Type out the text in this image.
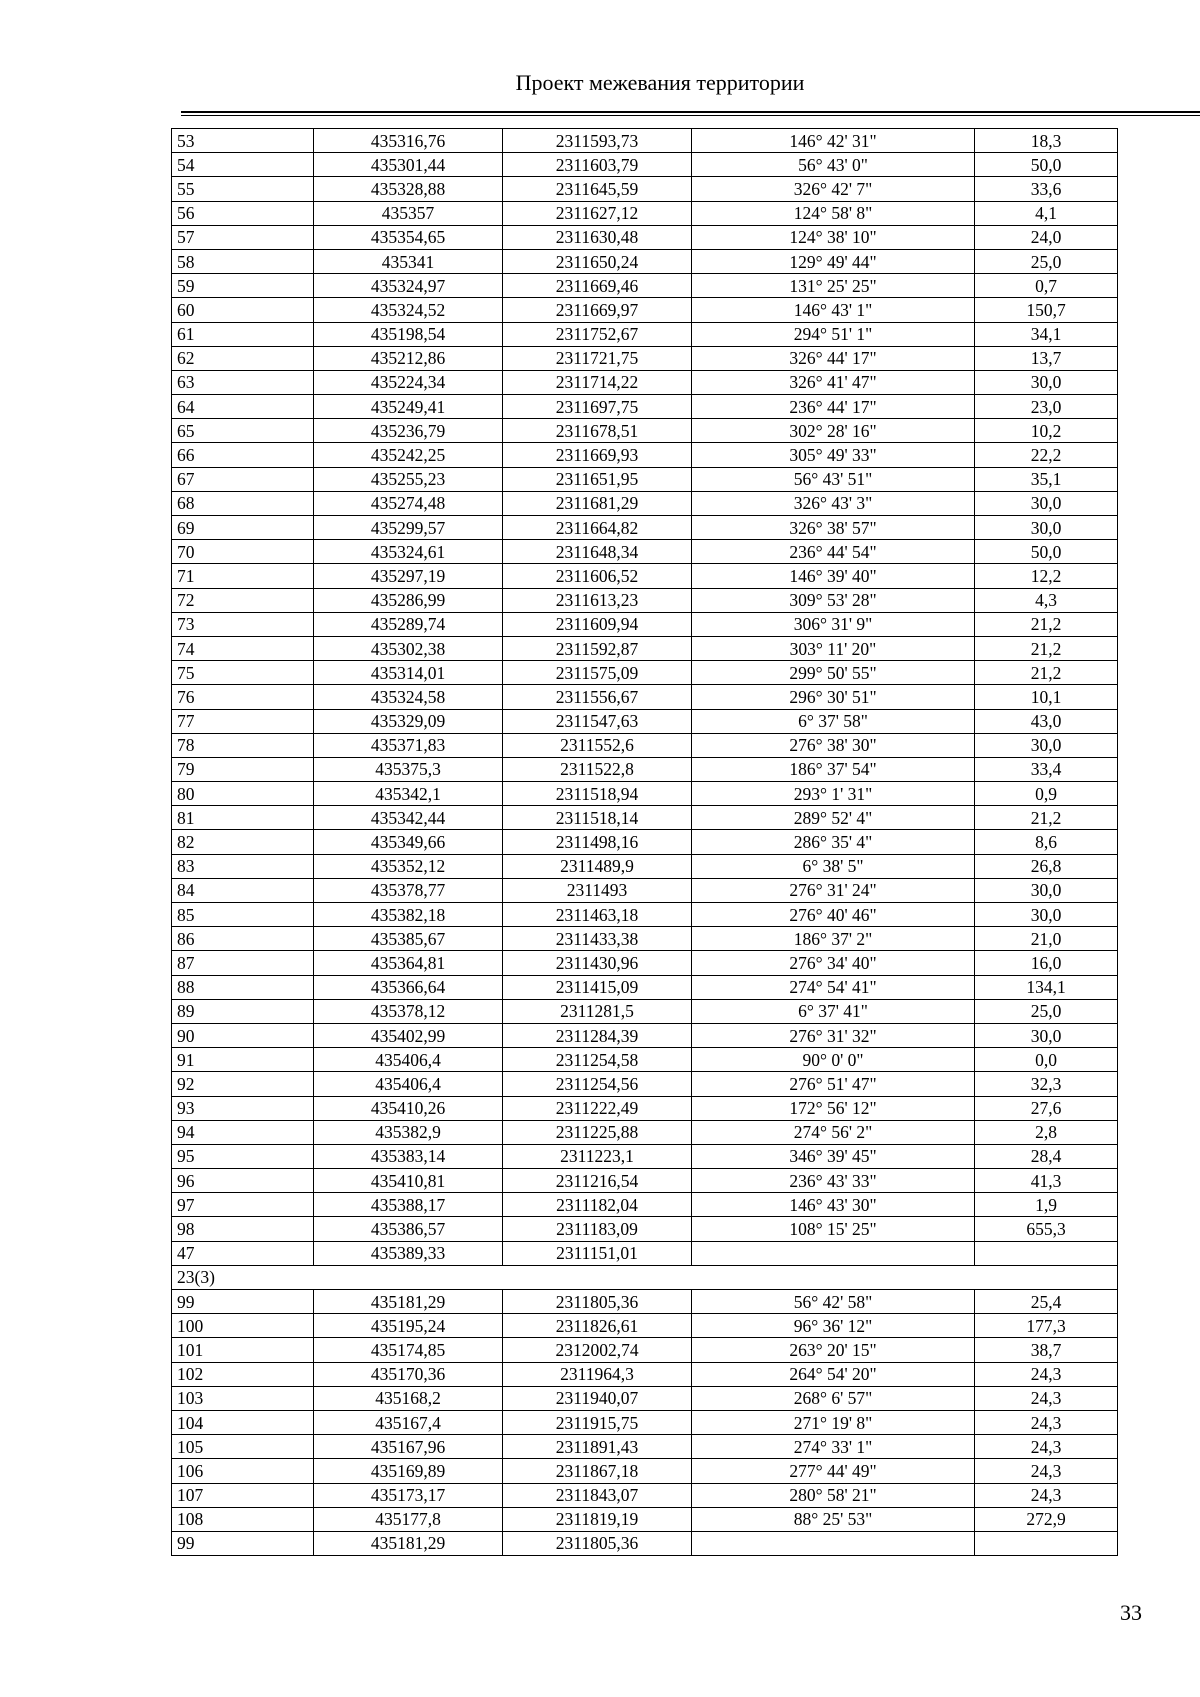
Проект межевания территории
53	435316,76	2311593,73	146° 42' 31"	18,3
54	435301,44	2311603,79	56° 43' 0"	50,0
55	435328,88	2311645,59	326° 42' 7"	33,6
56	435357	2311627,12	124° 58' 8"	4,1
57	435354,65	2311630,48	124° 38' 10"	24,0
58	435341	2311650,24	129° 49' 44"	25,0
59	435324,97	2311669,46	131° 25' 25"	0,7
60	435324,52	2311669,97	146° 43' 1"	150,7
61	435198,54	2311752,67	294° 51' 1"	34,1
62	435212,86	2311721,75	326° 44' 17"	13,7
63	435224,34	2311714,22	326° 41' 47"	30,0
64	435249,41	2311697,75	236° 44' 17"	23,0
65	435236,79	2311678,51	302° 28' 16"	10,2
66	435242,25	2311669,93	305° 49' 33"	22,2
67	435255,23	2311651,95	56° 43' 51"	35,1
68	435274,48	2311681,29	326° 43' 3"	30,0
69	435299,57	2311664,82	326° 38' 57"	30,0
70	435324,61	2311648,34	236° 44' 54"	50,0
71	435297,19	2311606,52	146° 39' 40"	12,2
72	435286,99	2311613,23	309° 53' 28"	4,3
73	435289,74	2311609,94	306° 31' 9"	21,2
74	435302,38	2311592,87	303° 11' 20"	21,2
75	435314,01	2311575,09	299° 50' 55"	21,2
76	435324,58	2311556,67	296° 30' 51"	10,1
77	435329,09	2311547,63	6° 37' 58"	43,0
78	435371,83	2311552,6	276° 38' 30"	30,0
79	435375,3	2311522,8	186° 37' 54"	33,4
80	435342,1	2311518,94	293° 1' 31"	0,9
81	435342,44	2311518,14	289° 52' 4"	21,2
82	435349,66	2311498,16	286° 35' 4"	8,6
83	435352,12	2311489,9	6° 38' 5"	26,8
84	435378,77	2311493	276° 31' 24"	30,0
85	435382,18	2311463,18	276° 40' 46"	30,0
86	435385,67	2311433,38	186° 37' 2"	21,0
87	435364,81	2311430,96	276° 34' 40"	16,0
88	435366,64	2311415,09	274° 54' 41"	134,1
89	435378,12	2311281,5	6° 37' 41"	25,0
90	435402,99	2311284,39	276° 31' 32"	30,0
91	435406,4	2311254,58	90° 0' 0"	0,0
92	435406,4	2311254,56	276° 51' 47"	32,3
93	435410,26	2311222,49	172° 56' 12"	27,6
94	435382,9	2311225,88	274° 56' 2"	2,8
95	435383,14	2311223,1	346° 39' 45"	28,4
96	435410,81	2311216,54	236° 43' 33"	41,3
97	435388,17	2311182,04	146° 43' 30"	1,9
98	435386,57	2311183,09	108° 15' 25"	655,3
47	435389,33	2311151,01		
23(3)				
99	435181,29	2311805,36	56° 42' 58"	25,4
100	435195,24	2311826,61	96° 36' 12"	177,3
101	435174,85	2312002,74	263° 20' 15"	38,7
102	435170,36	2311964,3	264° 54' 20"	24,3
103	435168,2	2311940,07	268° 6' 57"	24,3
104	435167,4	2311915,75	271° 19' 8"	24,3
105	435167,96	2311891,43	274° 33' 1"	24,3
106	435169,89	2311867,18	277° 44' 49"	24,3
107	435173,17	2311843,07	280° 58' 21"	24,3
108	435177,8	2311819,19	88° 25' 53"	272,9
99	435181,29	2311805,36		
33
